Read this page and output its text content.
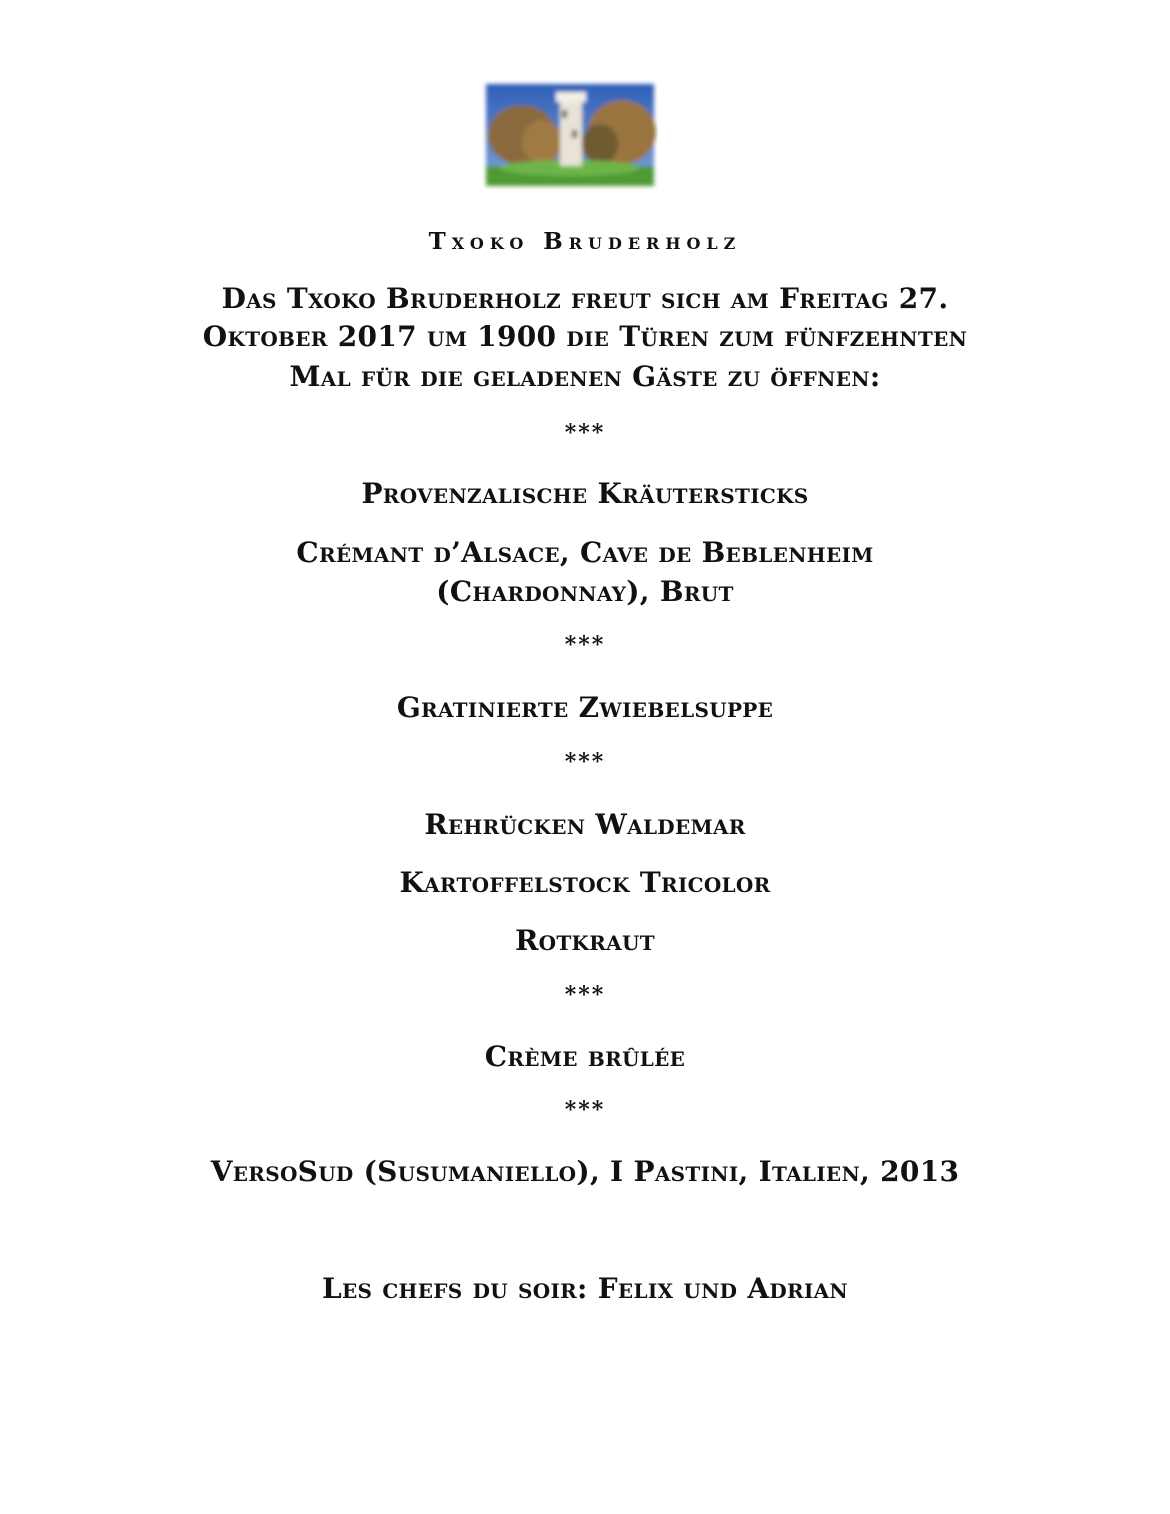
Txoko Bruderholz
Das Txoko Bruderholz freut sich am Freitag 27.
Oktober 2017 um 1900 die Türen zum fünfzehnten
Mal für die geladenen Gäste zu öffnen:
***
Provenzalische Kräutersticks
Crémant d’Alsace, Cave de Beblenheim
(Chardonnay), Brut
***
Gratinierte Zwiebelsuppe
***
Rehrücken Waldemar
Kartoffelstock Tricolor
Rotkraut
***
Crème brûlée
***
VersoSud (Susumaniello), I Pastini, Italien, 2013
Les chefs du soir: Felix und Adrian
